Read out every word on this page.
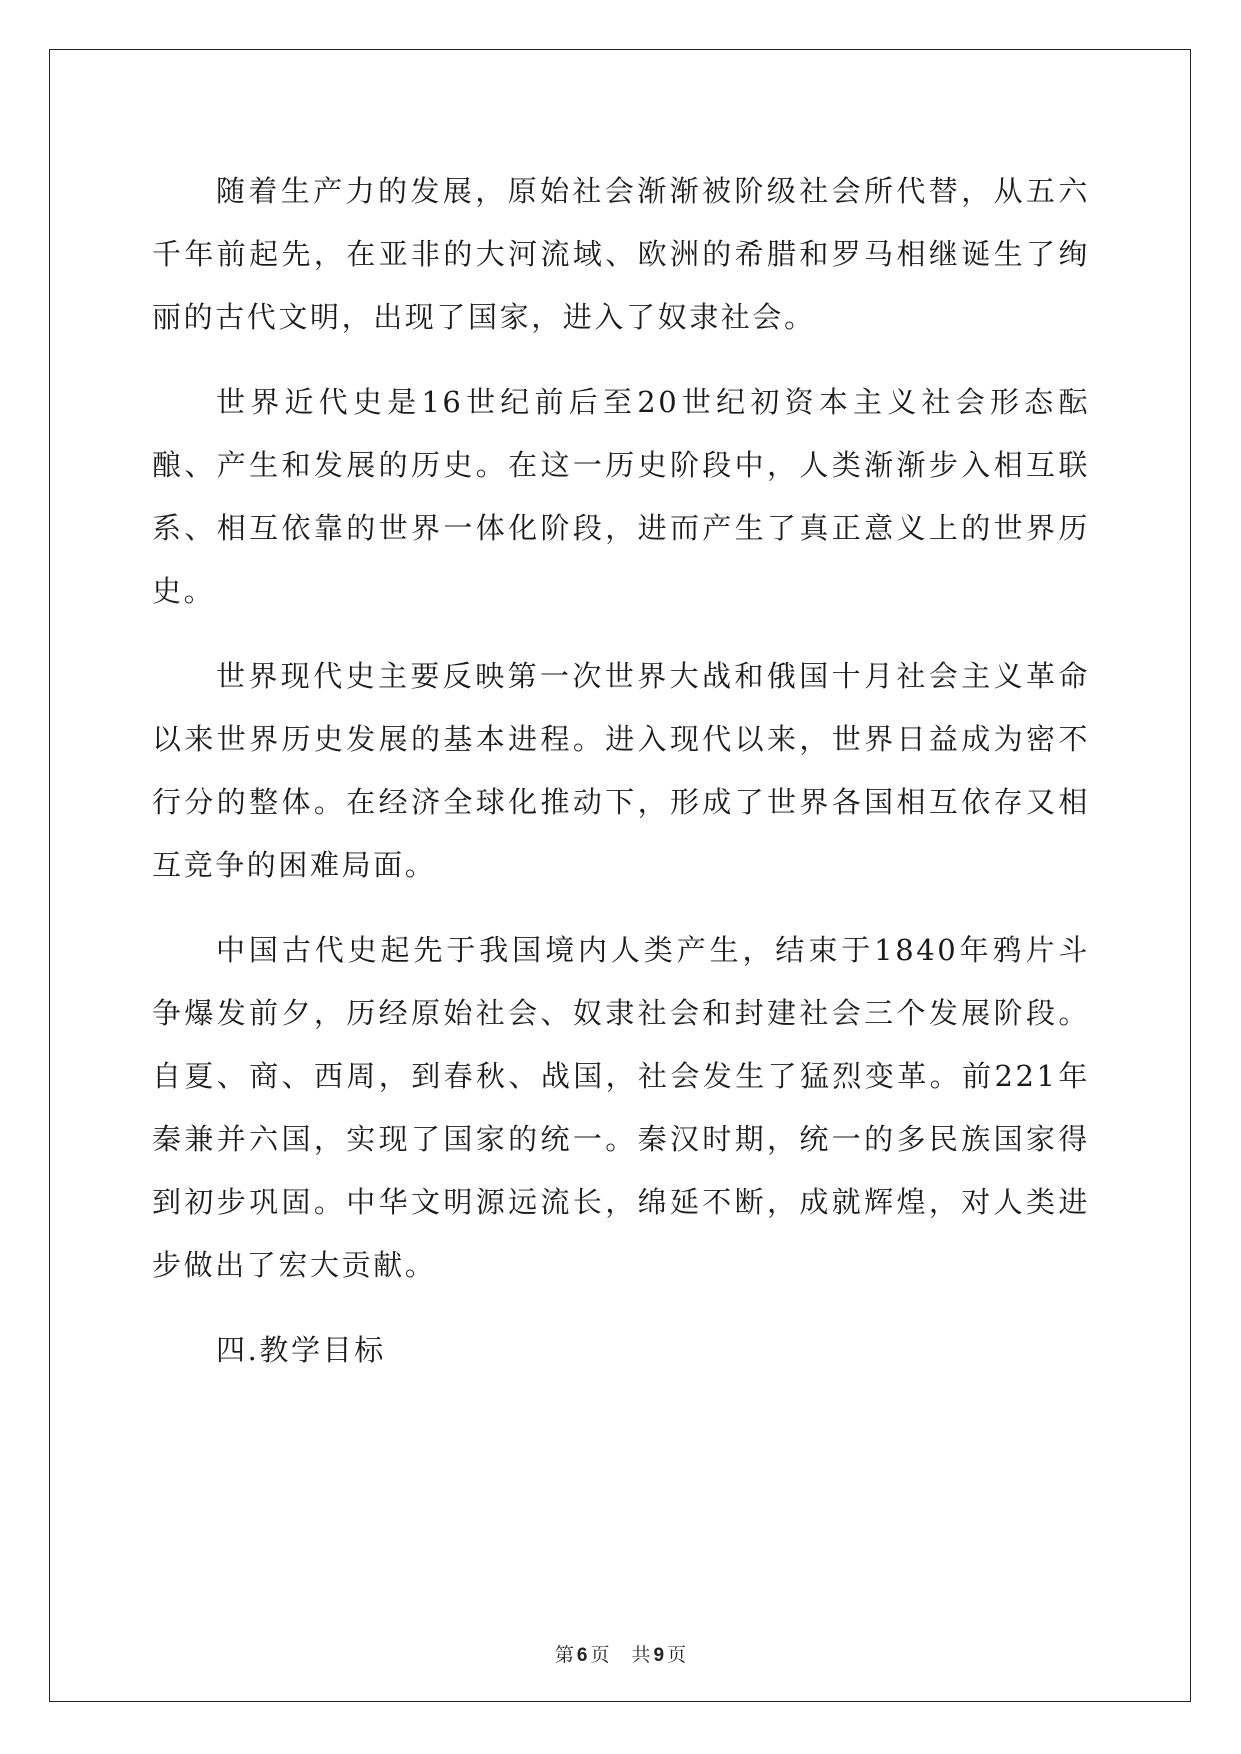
随着生产力的发展，原始社会渐渐被阶级社会所代替，从五六千年前起先，在亚非的大河流域、欧洲的希腊和罗马相继诞生了绚丽的古代文明，出现了国家，进入了奴隶社会。

世界近代史是16世纪前后至20世纪初资本主义社会形态酝酿、产生和发展的历史。在这一历史阶段中，人类渐渐步入相互联系、相互依靠的世界一体化阶段，进而产生了真正意义上的世界历史。

世界现代史主要反映第一次世界大战和俄国十月社会主义革命以来世界历史发展的基本进程。进入现代以来，世界日益成为密不行分的整体。在经济全球化推动下，形成了世界各国相互依存又相互竞争的困难局面。

中国古代史起先于我国境内人类产生，结束于1840年鸦片斗争爆发前夕，历经原始社会、奴隶社会和封建社会三个发展阶段。自夏、商、西周，到春秋、战国，社会发生了猛烈变革。前221年秦兼并六国，实现了国家的统一。秦汉时期，统一的多民族国家得到初步巩固。中华文明源远流长，绵延不断，成就辉煌，对人类进步做出了宏大贡献。

四.教学目标

第 6 页 共 9 页
